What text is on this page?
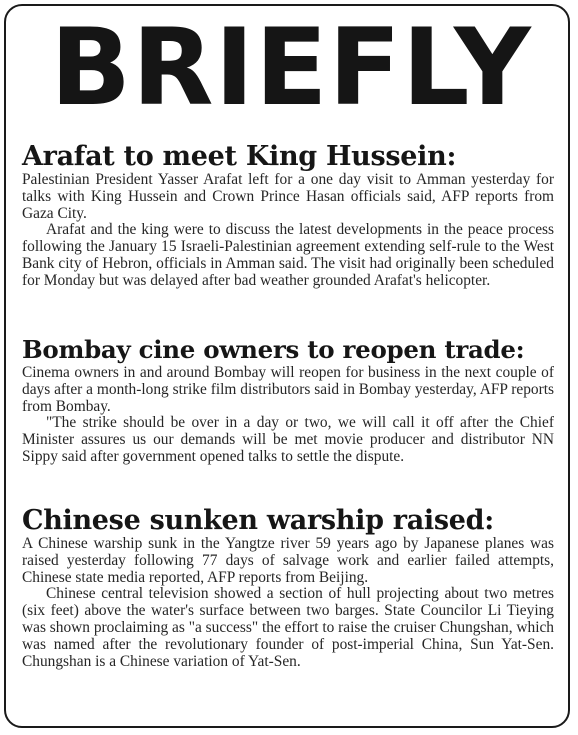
BRIEFLY
Arafat to meet King Hussein:

Palestinian President Yasser Arafat left for a one day visit to Amman yesterday for talks with King Hussein and Crown Prince Hasan officials said, AFP reports from Gaza City.

Arafat and the king were to discuss the latest developments in the peace process following the January 15 Israeli-Palestinian agreement extending self-rule to the West Bank city of Hebron, officials in Amman said. The visit had originally been scheduled for Monday but was delayed after bad weather grounded Arafat's helicopter.

Bombay cine owners to reopen trade:

Cinema owners in and around Bombay will reopen for business in the next couple of days after a month-long strike film distributors said in Bombay yesterday, AFP reports from Bombay.

"The strike should be over in a day or two, we will call it off after the Chief Minister assures us our demands will be met movie producer and distributor NN Sippy said after government opened talks to settle the dispute.

Chinese sunken warship raised:

A Chinese warship sunk in the Yangtze river 59 years ago by Japanese planes was raised yesterday following 77 days of salvage work and earlier failed attempts, Chinese state media reported, AFP reports from Beijing.

Chinese central television showed a section of hull projecting about two metres (six feet) above the water's surface between two barges. State Councilor Li Tieying was shown proclaiming as "a success" the effort to raise the cruiser Chungshan, which was named after the revolutionary founder of post-imperial China, Sun Yat-Sen. Chungshan is a Chinese variation of Yat-Sen.
